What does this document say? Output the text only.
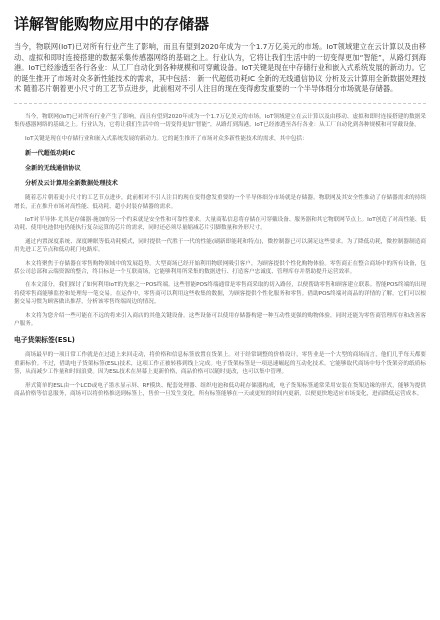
详解智能购物应用中的存储器

当今，物联网(IoT)已对所有行业产生了影响，而且有望到2020年成为一个1.7万亿美元的市场。IoT领域建立在云计算以及由移动、虚拟和即时连接搭建的数据采集传感器网络的基础之上。行业认为，它将让我们生活中的一切变得更加“智能”，从路灯到海港。IoT已经渗透至各行各业：从工厂自动化到各种规模和可穿戴设备。IoT关键是现在中存储行业和嵌入式系统发展的新动力。它的诞生推开了市场对众多新性能技术的需求，其中包括： 新一代超低功耗IC 全新的无线通信协议 分析及云计算用全新数据处理技术 随着芯片朝着更小尺寸的工艺节点进步，此前相对不引人注目的现在变得愈发重要的一个半导体细分市场就是存储器。

当今，物联网(IoT)已对所有行业产生了影响，而且有望到2020年成为一个1.7万亿美元的市场。IoT领域建立在云计算以及由移动、虚拟和即时连接搭建的数据采集传感器网络的基础之上。行业认为，它将让我们生活中的一切变得更加“智能”，从路灯到海港。IoT已经渗透至各行各业：从工厂自动化到各种规模和可穿戴设备。

IoT关键是现在中存储行业和嵌入式系统发展的新动力。它的诞生推开了市场对众多新性能技术的需求，其中包括：

新一代超低功耗IC
全新的无线通信协议
分析及云计算用全新数据处理技术

随着芯片朝着更小尺寸的工艺节点进步，此前相对不引人注目的现在变得愈发重要的一个半导体细分市场就是存储器。物联网及其安全性推动了存储器需求的持续增长，正在推升市场对高性能、低功耗、超小封装存储器的需求。

IoT对半导体·尤其是存储器·施加的另一个约束就是安全性和可靠性要求。大量商私信息将存储在可穿戴设备、服务器和其它物联网节点上。IoT创造了对高性能、低功耗、使用电池供电仍能执行复杂运算的芯片的需求，同时还必须尽量缩减芯片引脚数量和外形尺寸。

通过内置深度系统、深度睡眠等低功耗模式，同时提供一代胜于一代的性能(刷新即能耗和特点)，微控制器已可以满足这些要求。为了降低功耗，微控制器制造商用先进工艺节点和低功耗门电路库。

本文将聚焦于存储器在零售购物领域中的发展趋势。大型商场已经开始利用物联网吸引客户，为顾客提供个性化购物体验。零售商正在整合商场中的所有设备，包括公司总部和云端资源的整合，终目标是一个互联商场，它能够利用所采集的数据进行、打造客户忠诚度、管理库存并帮助提升运营效率。

在本文部分，我们探讨了如何利用IoT的先驱之一POS终端。这些智能POS终端通常是零售商采取的切入路径，以便帮助零售和顾客建立联系。智能POS终端的出现将使零售商能够监控和处理每一笔交易。在运作中，零售商可以利用这些收集的数据，为顾客提供个性化服务和零售。借助POS终端对商品的详情的了解，它们可以根据交易习惯为顾客做出推荐，分析该零售终端周边的情况。

本文将为您介绍一些可能在不远的将来引入商店的其他关键设备。这些设备可以使用存储器构建一种互动性更强的购物体验，同时还能为零售商管理库存和改善客户服务。

电子货架标签(ESL)

商场最早的一项日常工作就是在过道上来回走动，将价格和信息标签放置在货架上。对于经常调整的价格设计，零售业是一个大型的商场而言，他们几乎每天都要重新标价。不过，借助电子货架标签(ESL)技术，这项工作正被转移到线上完成。电子货架标签是一项迅速崛起的互动化技术。它能够取代商场中每个货架旁的纸质标签，从而减少工作量和时间浪费。因为ESL技术在屏幕上更新价格，商品价格可以随时更改，也可以集中管理。

形式简单的ESL由一个LCD或电子墨水显示屏、RF模块、配套处理器、组织电池和低功耗存储器构成，电子货架标签通常采用安装在货架边缘的形式，能够为提供商品价格等信息服务，商场可以将价格推送到标签上，售价一旦发生变化，所有标签能够在一天或更短的时间内更新，以便更快地适应市场变化，进而降低运营成本。
